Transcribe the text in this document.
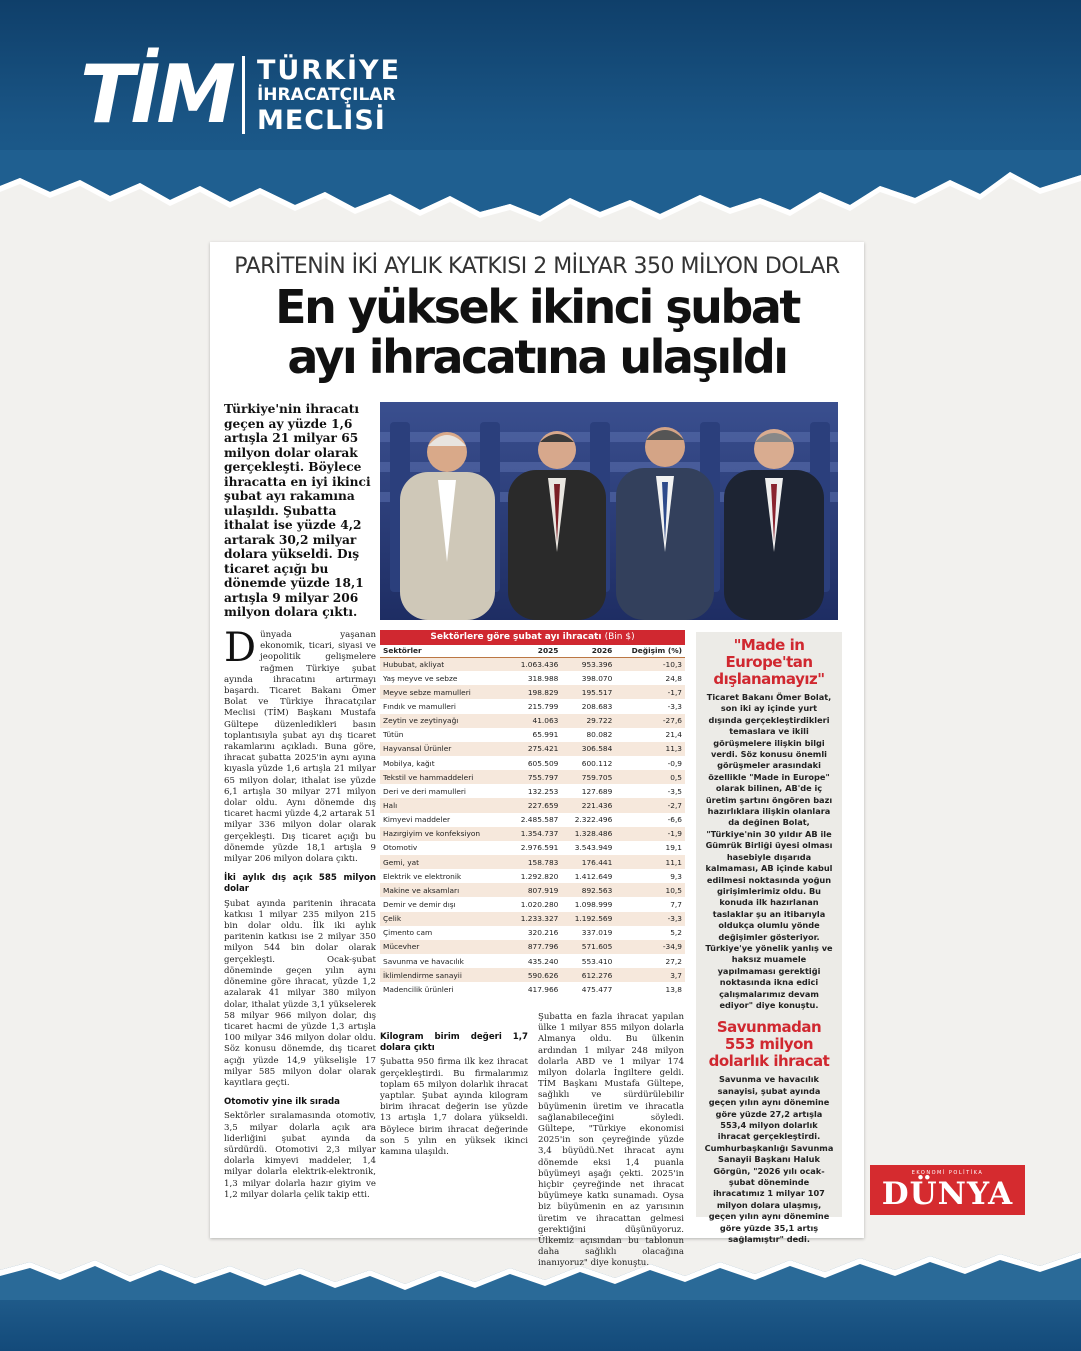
TİM TÜRKİYE
İHRACATÇILAR
MECLİSİ
PARİTENİN İKİ AYLIK KATKISI 2 MİLYAR 350 MİLYON DOLAR
En yüksek ikinci şubat
ayı ihracatına ulaşıldı
Türkiye'nin ihracatı geçen ay yüzde 1,6 artışla 21 milyar 65 milyon dolar olarak gerçekleşti. Böylece ihracatta en iyi ikinci şubat ayı rakamına ulaşıldı. Şubatta ithalat ise yüzde 4,2 artarak 30,2 milyar dolara yükseldi. Dış ticaret açığı bu dönemde yüzde 18,1 artışla 9 milyar 206 milyon dolara çıktı.

Dünyada yaşanan ekonomik, ticari, siyasi ve jeopolitik gelişmelere rağmen Türkiye şubat ayında ihracatını artırmayı başardı. Ticaret Bakanı Ömer Bolat ve Türkiye İhracatçılar Meclisi (TİM) Başkanı Mustafa Gültepe düzenledikleri basın toplantısıyla şubat ayı dış ticaret rakamlarını açıkladı. Buna göre, ihracat şubatta 2025'in aynı ayına kıyasla yüzde 1,6 artışla 21 milyar 65 milyon dolar, ithalat ise yüzde 6,1 artışla 30 milyar 271 milyon dolar oldu. Aynı dönemde dış ticaret hacmi yüzde 4,2 artarak 51 milyar 336 milyon dolar olarak gerçekleşti. Dış ticaret açığı bu dönemde yüzde 18,1 artışla 9 milyar 206 milyon dolara çıktı.

İki aylık dış açık 585 milyon dolar

Şubat ayında paritenin ihracata katkısı 1 milyar 235 milyon 215 bin dolar oldu. İlk iki aylık paritenin katkısı ise 2 milyar 350 milyon 544 bin dolar olarak gerçekleşti. Ocak-şubat döneminde geçen yılın aynı dönemine göre ihracat, yüzde 1,2 azalarak 41 milyar 380 milyon dolar, ithalat yüzde 3,1 yükselerek 58 milyar 966 milyon dolar, dış ticaret hacmi de yüzde 1,3 artışla 100 milyar 346 milyon dolar oldu. Söz konusu dönemde, dış ticaret açığı yüzde 14,9 yükselişle 17 milyar 585 milyon dolar olarak kayıtlara geçti.

Otomotiv yine ilk sırada

Sektörler sıralamasında otomotiv, 3,5 milyar dolarla açık ara liderliğini şubat ayında da sürdürdü. Otomotivi 2,3 milyar dolarla kimyevi maddeler, 1,4 milyar dolarla elektrik-elektronik, 1,3 milyar dolarla hazır giyim ve 1,2 milyar dolarla çelik takip etti.

Sektörlere göre şubat ayı ihracatı (Bin $)
Sektörler	2025	2026	Değişim (%)
Hububat, akliyat	1.063.436	953.396	-10,3
Yaş meyve ve sebze	318.988	398.070	24,8
Meyve sebze mamulleri	198.829	195.517	-1,7
Fındık ve mamulleri	215.799	208.683	-3,3
Zeytin ve zeytinyağı	41.063	29.722	-27,6
Tütün	65.991	80.082	21,4
Hayvansal Ürünler	275.421	306.584	11,3
Mobilya, kağıt	605.509	600.112	-0,9
Tekstil ve hammaddeleri	755.797	759.705	0,5
Deri ve deri mamulleri	132.253	127.689	-3,5
Halı	227.659	221.436	-2,7
Kimyevi maddeler	2.485.587	2.322.496	-6,6
Hazırgiyim ve konfeksiyon	1.354.737	1.328.486	-1,9
Otomotiv	2.976.591	3.543.949	19,1
Gemi, yat	158.783	176.441	11,1
Elektrik ve elektronik	1.292.820	1.412.649	9,3
Makine ve aksamları	807.919	892.563	10,5
Demir ve demir dışı	1.020.280	1.098.999	7,7
Çelik	1.233.327	1.192.569	-3,3
Çimento cam	320.216	337.019	5,2
Mücevher	877.796	571.605	-34,9
Savunma ve havacılık	435.240	553.410	27,2
İklimlendirme sanayii	590.626	612.276	3,7
Madencilik ürünleri	417.966	475.477	13,8
Kilogram birim değeri 1,7 dolara çıktı

Şubatta 950 firma ilk kez ihracat gerçekleştirdi. Bu firmalarımız toplam 65 milyon dolarlık ihracat yaptılar. Şubat ayında kilogram birim ihracat değerin ise yüzde 13 artışla 1,7 dolara yükseldi. Böylece birim ihracat değerinde son 5 yılın en yüksek ikinci kamına ulaşıldı.

Şubatta en fazla ihracat yapılan ülke 1 milyar 855 milyon dolarla Almanya oldu. Bu ülkenin ardından 1 milyar 248 milyon dolarla ABD ve 1 milyar 174 milyon dolarla İngiltere geldi. TİM Başkanı Mustafa Gültepe, sağlıklı ve sürdürülebilir büyümenin üretim ve ihracatla sağlanabileceğini söyledi. Gültepe, "Türkiye ekonomisi 2025'in son çeyreğinde yüzde 3,4 büyüdü.Net ihracat aynı dönemde eksi 1,4 puanla büyümeyi aşağı çekti. 2025'in hiçbir çeyreğinde net ihracat büyümeye katkı sunamadı. Oysa biz büyümenin en az yarısının üretim ve ihracattan gelmesi gerektiğini düşünüyoruz. Ülkemiz açısından bu tablonun daha sağlıklı olacağına inanıyoruz" diye konuştu.

"Made in Europe'tan dışlanamayız"
Ticaret Bakanı Ömer Bolat, son iki ay içinde yurt dışında gerçekleştirdikleri temaslara ve ikili görüşmelere ilişkin bilgi verdi. Söz konusu önemli görüşmeler arasındaki özellikle "Made in Europe" olarak bilinen, AB'de iç üretim şartını öngören bazı hazırlıklara ilişkin olanlara da değinen Bolat, "Türkiye'nin 30 yıldır AB ile Gümrük Birliği üyesi olması hasebiyle dışarıda kalmaması, AB içinde kabul edilmesi noktasında yoğun girişimlerimiz oldu. Bu konuda ilk hazırlanan taslaklar şu an itibarıyla oldukça olumlu yönde değişimler gösteriyor. Türkiye'ye yönelik yanlış ve haksız muamele yapılmaması gerektiği noktasında ikna edici çalışmalarımız devam ediyor" diye konuştu.
Savunmadan 553 milyon dolarlık ihracat
Savunma ve havacılık sanayisi, şubat ayında geçen yılın aynı dönemine göre yüzde 27,2 artışla 553,4 milyon dolarlık ihracat gerçekleştirdi. Cumhurbaşkanlığı Savunma Sanayii Başkanı Haluk Görgün, "2026 yılı ocak-şubat döneminde ihracatımız 1 milyar 107 milyon dolara ulaşmış, geçen yılın aynı dönemine göre yüzde 35,1 artış sağlamıştır" dedi.
EKONOMİ POLİTİKA
DÜNYA
